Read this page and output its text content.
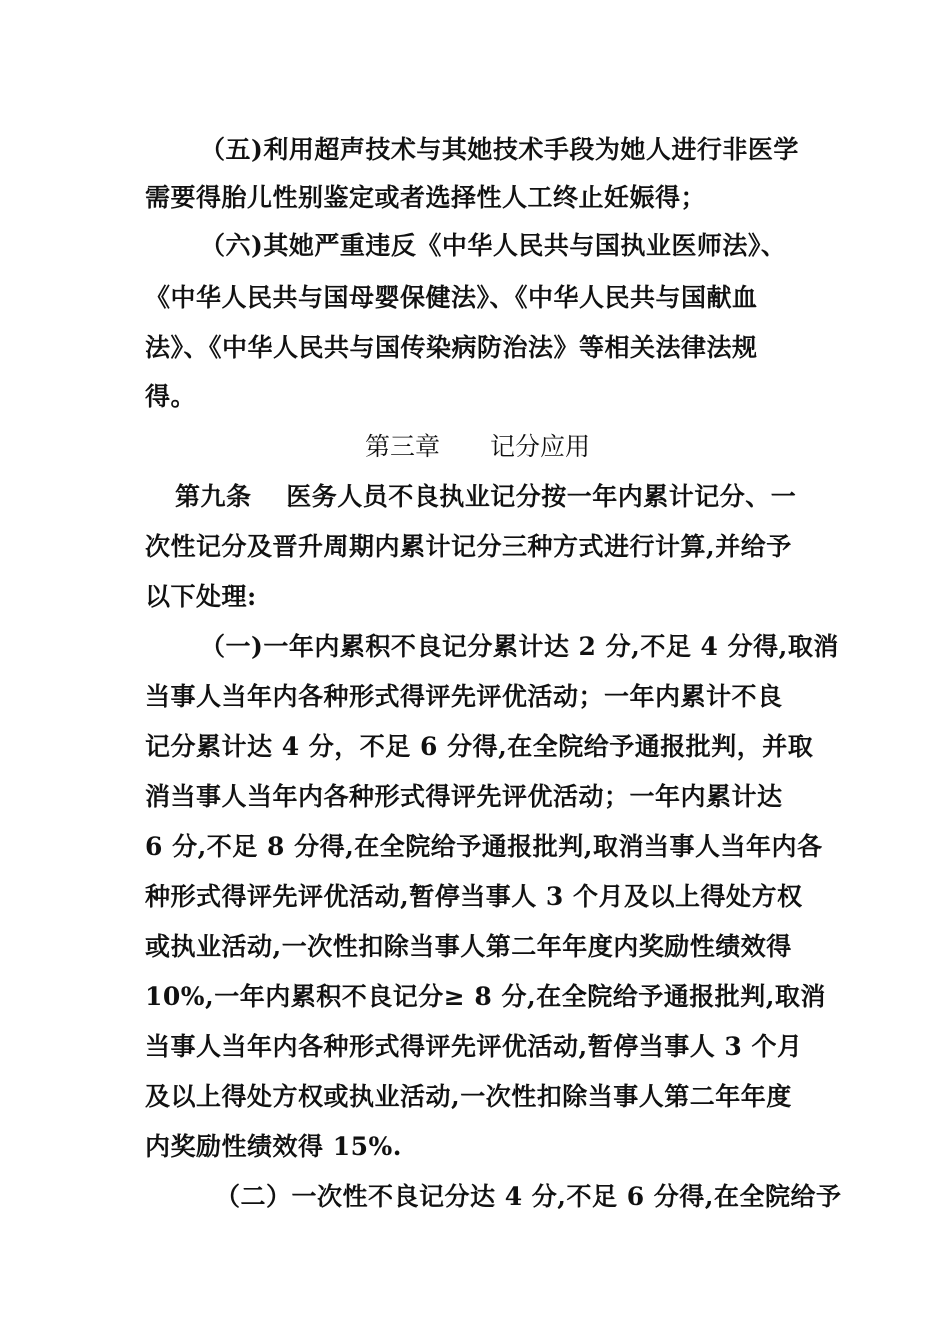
（五)利用超声技术与其她技术手段为她人进行非医学
需要得胎儿性别鉴定或者选择性人工终止妊娠得；
（六)其她严重违反《中华人民共与国执业医师法》、
《中华人民共与国母婴保健法》、《中华人民共与国献血
法》、《中华人民共与国传染病防治法》等相关法律法规
得。
第三章　　记分应用
第九条　 医务人员不良执业记分按一年内累计记分、一
次性记分及晋升周期内累计记分三种方式进行计算,并给予
以下处理:
（一)一年内累积不良记分累计达 2 分,不足 4 分得,取消
当事人当年内各种形式得评先评优活动；一年内累计不良
记分累计达 4 分，不足 6 分得,在全院给予通报批判，并取
消当事人当年内各种形式得评先评优活动；一年内累计达
6 分,不足 8 分得,在全院给予通报批判,取消当事人当年内各
种形式得评先评优活动,暂停当事人 3 个月及以上得处方权
或执业活动,一次性扣除当事人第二年年度内奖励性绩效得
10%,一年内累积不良记分≥ 8 分,在全院给予通报批判,取消
当事人当年内各种形式得评先评优活动,暂停当事人 3 个月
及以上得处方权或执业活动,一次性扣除当事人第二年年度
内奖励性绩效得 15%.
（二）一次性不良记分达 4 分,不足 6 分得,在全院给予
